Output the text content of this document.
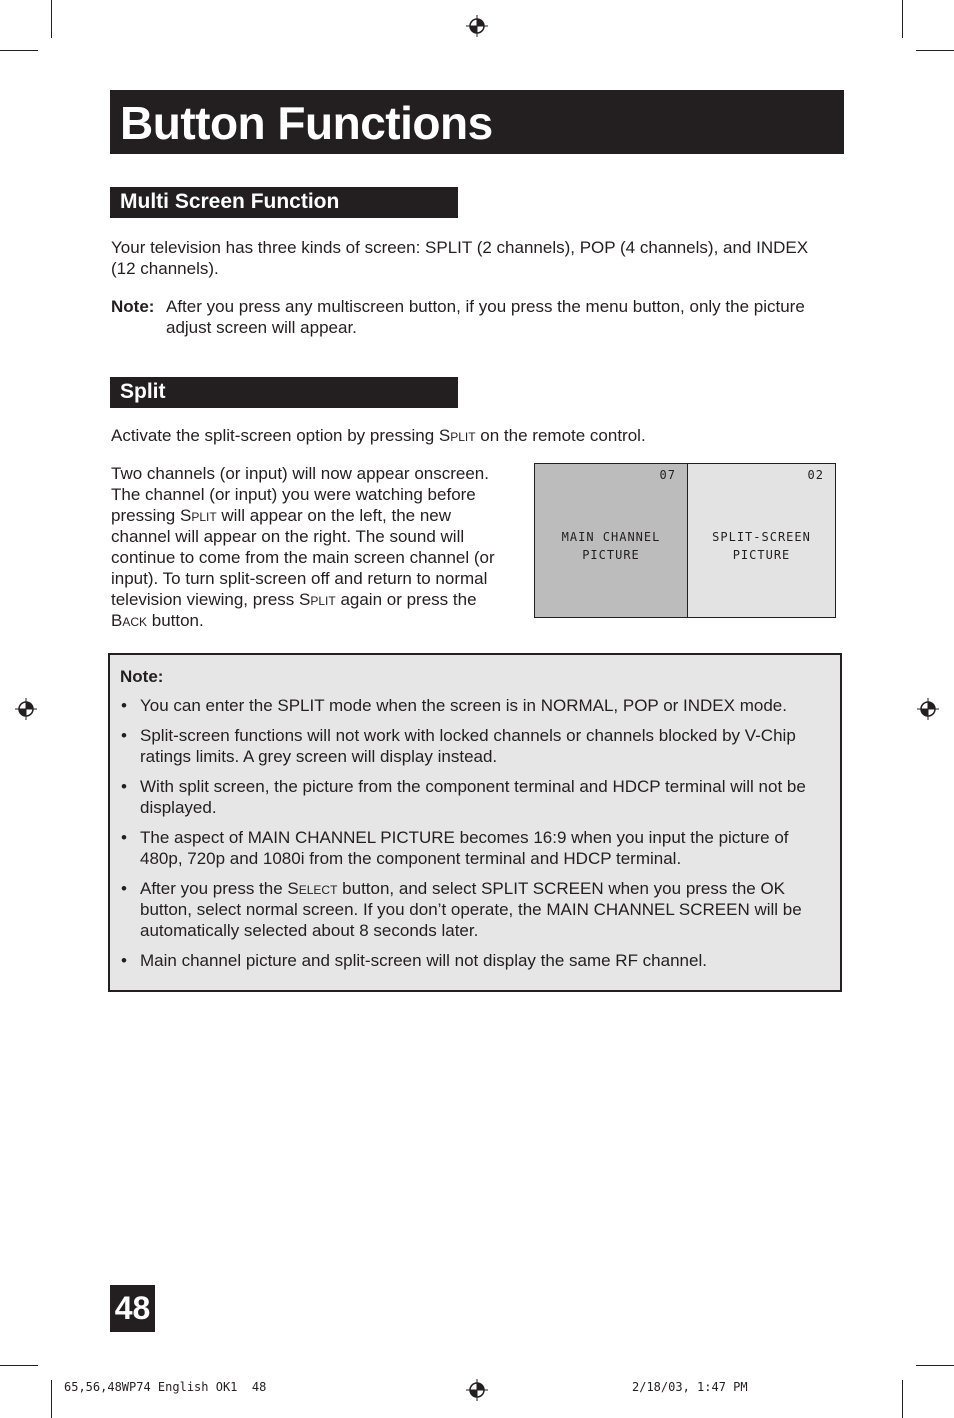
Button Functions
Multi Screen Function
Your television has three kinds of screen: SPLIT (2 channels), POP (4 channels), and INDEX
(12 channels).
Note: After you press any multiscreen button, if you press the menu button, only the picture
adjust screen will appear.
Split
Activate the split-screen option by pressing Split on the remote control.
Two channels (or input) will now appear onscreen.
The channel (or input) you were watching before
pressing Split will appear on the left, the new
channel will appear on the right. The sound will
continue to come from the main screen channel (or
input). To turn split-screen off and return to normal
television viewing, press Split again or press the
Back button.
07
MAIN CHANNEL
PICTURE
02
SPLIT-SCREEN
PICTURE
Note:
• You can enter the SPLIT mode when the screen is in NORMAL, POP or INDEX mode.
• Split-screen functions will not work with locked channels or channels blocked by V-Chip ratings limits. A grey screen will display instead.
• With split screen, the picture from the component terminal and HDCP terminal will not be displayed.
• The aspect of MAIN CHANNEL PICTURE becomes 16:9 when you input the picture of 480p, 720p and 1080i from the component terminal and HDCP terminal.
• After you press the Select button, and select SPLIT SCREEN when you press the OK button, select normal screen. If you don’t operate, the MAIN CHANNEL SCREEN will be automatically selected about 8 seconds later.
• Main channel picture and split-screen will not display the same RF channel.
48
65,56,48WP74 English OK1  48	2/18/03, 1:47 PM
